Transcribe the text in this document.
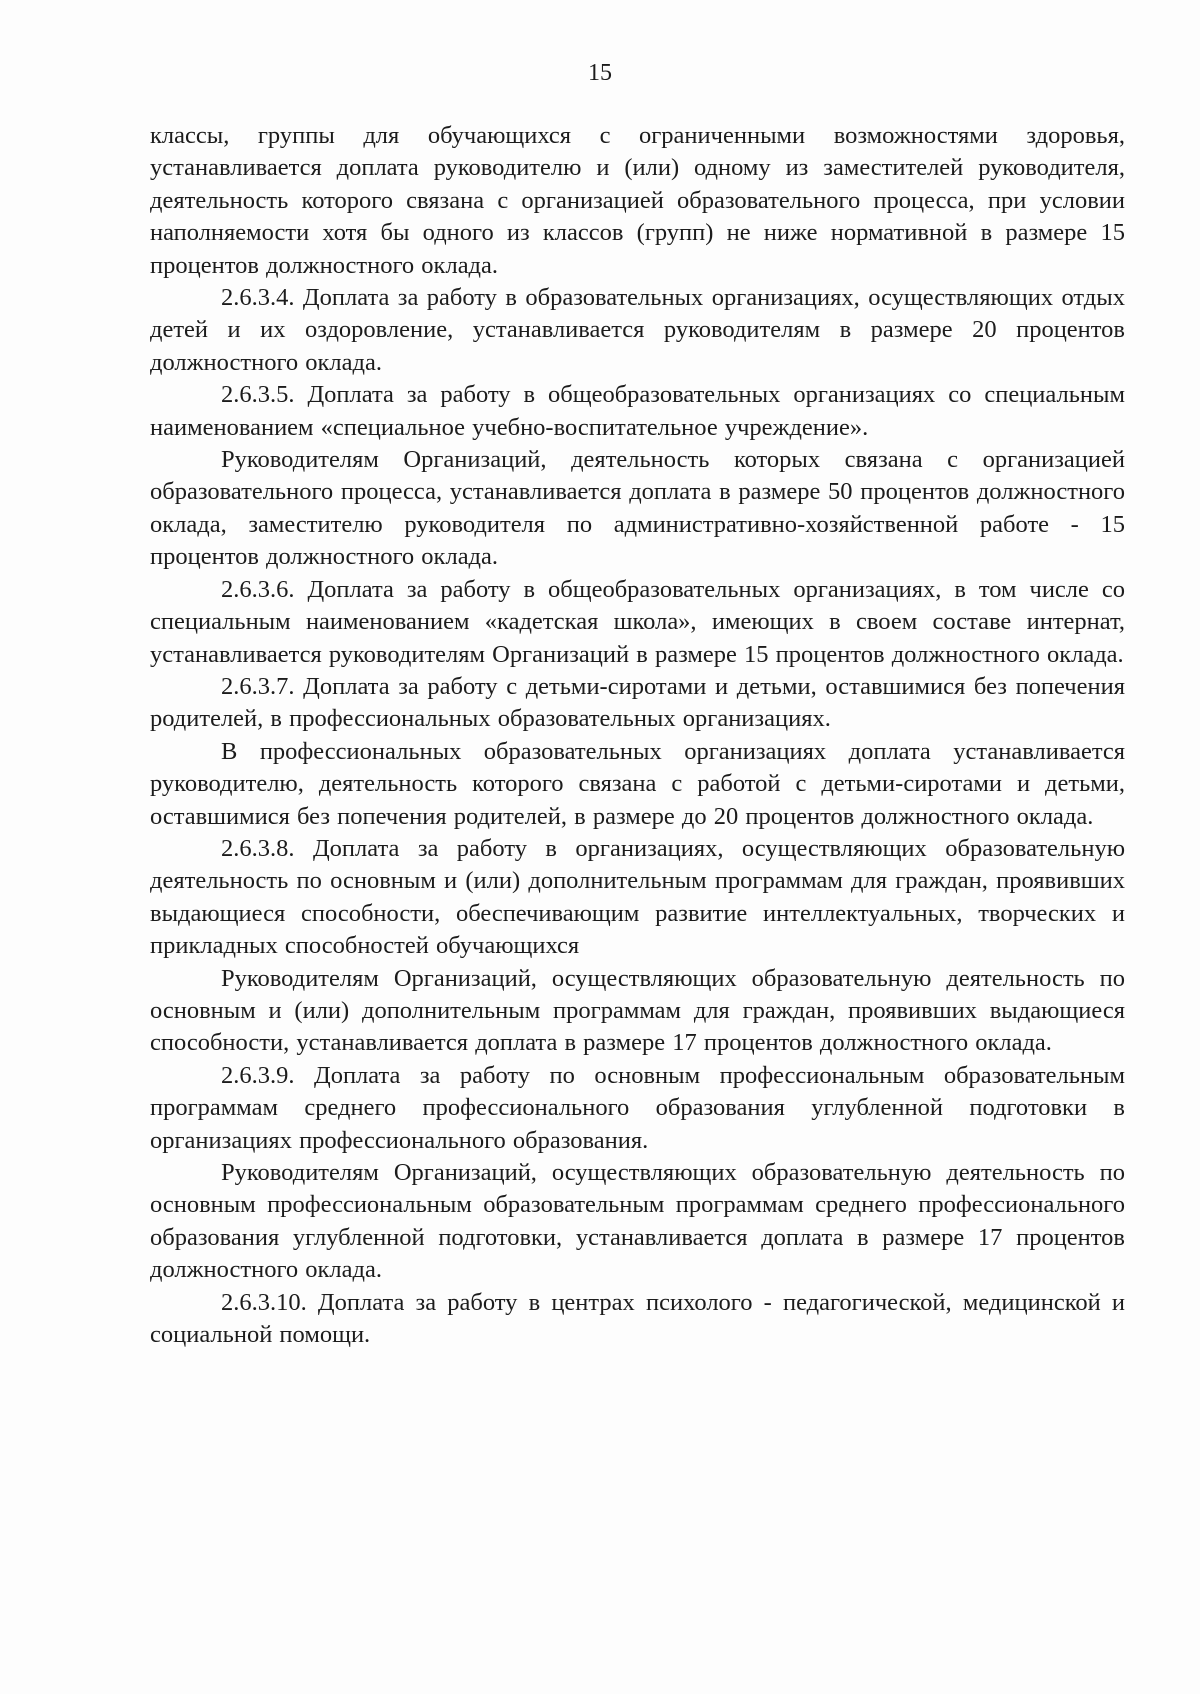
15

классы, группы для обучающихся с ограниченными возможностями здоровья, устанавливается доплата руководителю и (или) одному из заместителей руководителя, деятельность которого связана с организацией образовательного процесса, при условии наполняемости хотя бы одного из классов (групп) не ниже нормативной в размере 15 процентов должностного оклада.

2.6.3.4. Доплата за работу в образовательных организациях, осуществляющих отдых детей и их оздоровление, устанавливается руководителям в размере 20 процентов должностного оклада.

2.6.3.5. Доплата за работу в общеобразовательных организациях со специальным наименованием «специальное учебно-воспитательное учреждение».

Руководителям Организаций, деятельность которых связана с организацией образовательного процесса, устанавливается доплата в размере 50 процентов должностного оклада, заместителю руководителя по административно-хозяйственной работе - 15 процентов должностного оклада.

2.6.3.6. Доплата за работу в общеобразовательных организациях, в том числе со специальным наименованием «кадетская школа», имеющих в своем составе интернат, устанавливается руководителям Организаций в размере 15 процентов должностного оклада.

2.6.3.7. Доплата за работу с детьми-сиротами и детьми, оставшимися без попечения родителей, в профессиональных образовательных организациях.

В профессиональных образовательных организациях доплата устанавливается руководителю, деятельность которого связана с работой с детьми-сиротами и детьми, оставшимися без попечения родителей, в размере до 20 процентов должностного оклада.

2.6.3.8. Доплата за работу в организациях, осуществляющих образовательную деятельность по основным и (или) дополнительным программам для граждан, проявивших выдающиеся способности, обеспечивающим развитие интеллектуальных, творческих и прикладных способностей обучающихся

Руководителям Организаций, осуществляющих образовательную деятельность по основным и (или) дополнительным программам для граждан, проявивших выдающиеся способности, устанавливается доплата в размере 17 процентов должностного оклада.

2.6.3.9. Доплата за работу по основным профессиональным образовательным программам среднего профессионального образования углубленной подготовки в организациях профессионального образования.

Руководителям Организаций, осуществляющих образовательную деятельность по основным профессиональным образовательным программам среднего профессионального образования углубленной подготовки, устанавливается доплата в размере 17 процентов должностного оклада.

2.6.3.10. Доплата за работу в центрах психолого - педагогической, медицинской и социальной помощи.
